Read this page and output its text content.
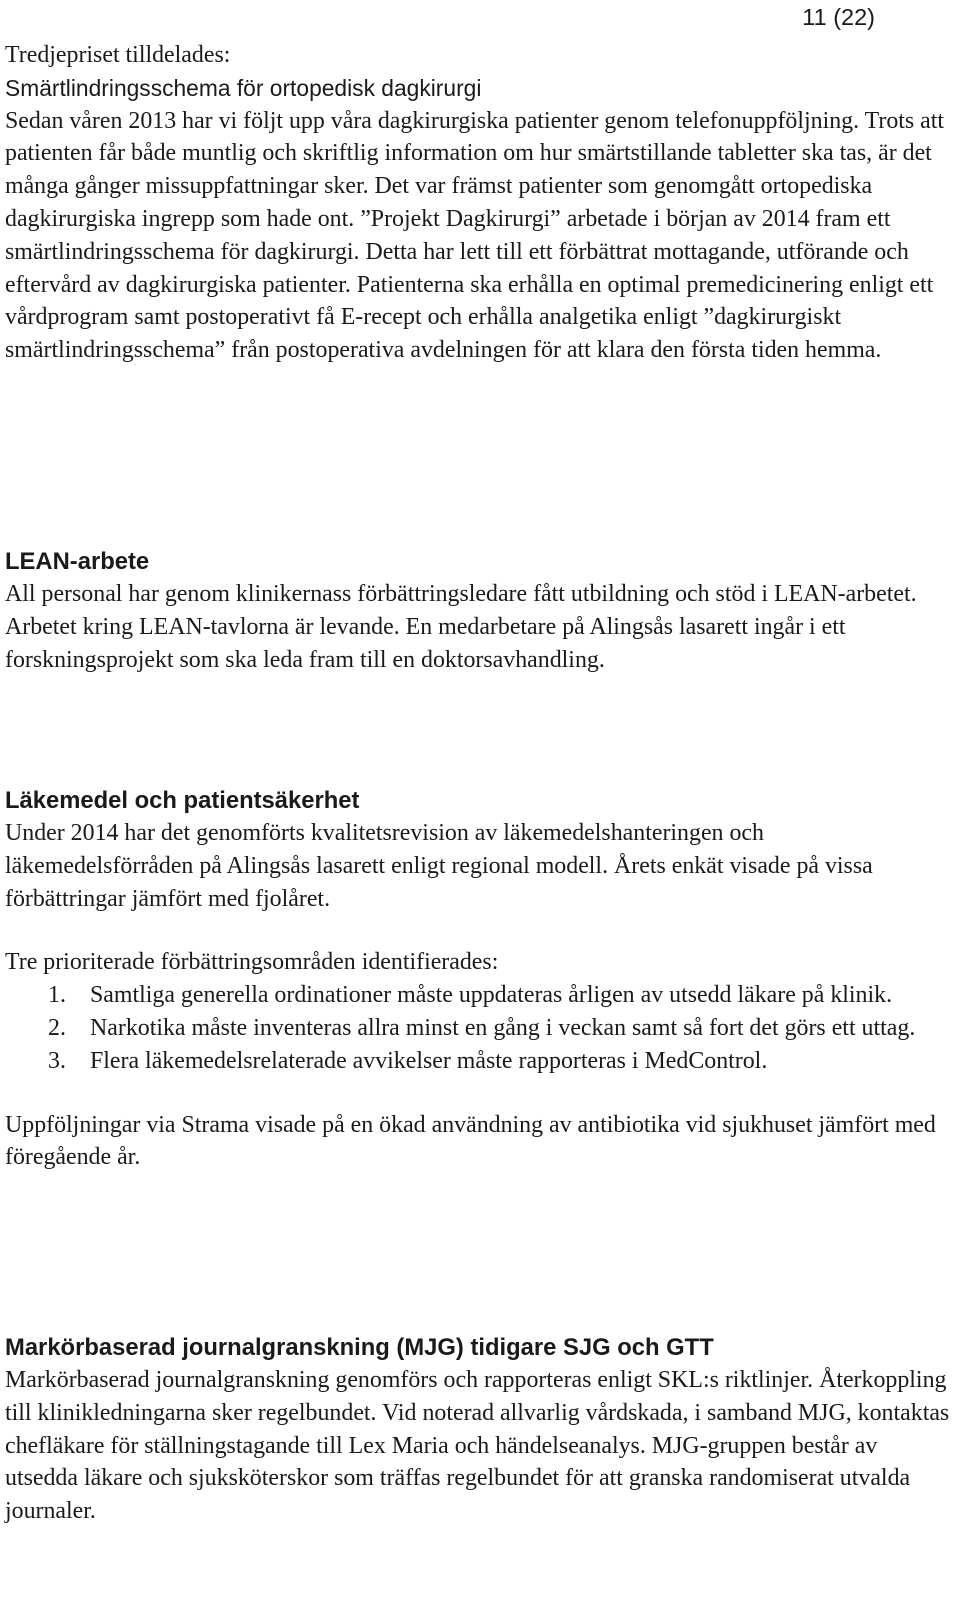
11 (22)

Tredjepriset tilldelades:

Smärtlindringsschema för ortopedisk dagkirurgi

Sedan våren 2013 har vi följt upp våra dagkirurgiska patienter genom telefonuppföljning. Trots att patienten får både muntlig och skriftlig information om hur smärtstillande tabletter ska tas, är det många gånger missuppfattningar sker. Det var främst patienter som genomgått ortopediska dagkirurgiska ingrepp som hade ont. ”Projekt Dagkirurgi” arbetade i början av 2014 fram ett smärtlindringsschema för dagkirurgi. Detta har lett till ett förbättrat mottagande, utförande och eftervård av dagkirurgiska patienter. Patienterna ska erhålla en optimal premedicinering enligt ett vårdprogram samt postoperativt få E-recept och erhålla analgetika enligt ”dagkirurgiskt smärtlindringsschema” från postoperativa avdelningen för att klara den första tiden hemma.

LEAN-arbete

All personal har genom klinikernass förbättringsledare fått utbildning och stöd i LEAN-arbetet. Arbetet kring LEAN-tavlorna är levande. En medarbetare på Alingsås lasarett ingår i ett forskningsprojekt som ska leda fram till en doktorsavhandling.

Läkemedel och patientsäkerhet

Under 2014 har det genomförts kvalitetsrevision av läkemedelshanteringen och läkemedelsförråden på Alingsås lasarett enligt regional modell. Årets enkät visade på vissa förbättringar jämfört med fjolåret.

Tre prioriterade förbättringsområden identifierades:

1. Samtliga generella ordinationer måste uppdateras årligen av utsedd läkare på klinik.
2. Narkotika måste inventeras allra minst en gång i veckan samt så fort det görs ett uttag.
3. Flera läkemedelsrelaterade avvikelser måste rapporteras i MedControl.

Uppföljningar via Strama visade på en ökad användning av antibiotika vid sjukhuset jämfört med föregående år.

Markörbaserad journalgranskning (MJG) tidigare SJG och GTT

Markörbaserad journalgranskning genomförs och rapporteras enligt SKL:s riktlinjer. Återkoppling till klinikledningarna sker regelbundet. Vid noterad allvarlig vårdskada, i samband MJG, kontaktas chefläkare för ställningstagande till Lex Maria och händelseanalys. MJG-gruppen består av utsedda läkare och sjuksköterskor som träffas regelbundet för att granska randomiserat utvalda journaler.
